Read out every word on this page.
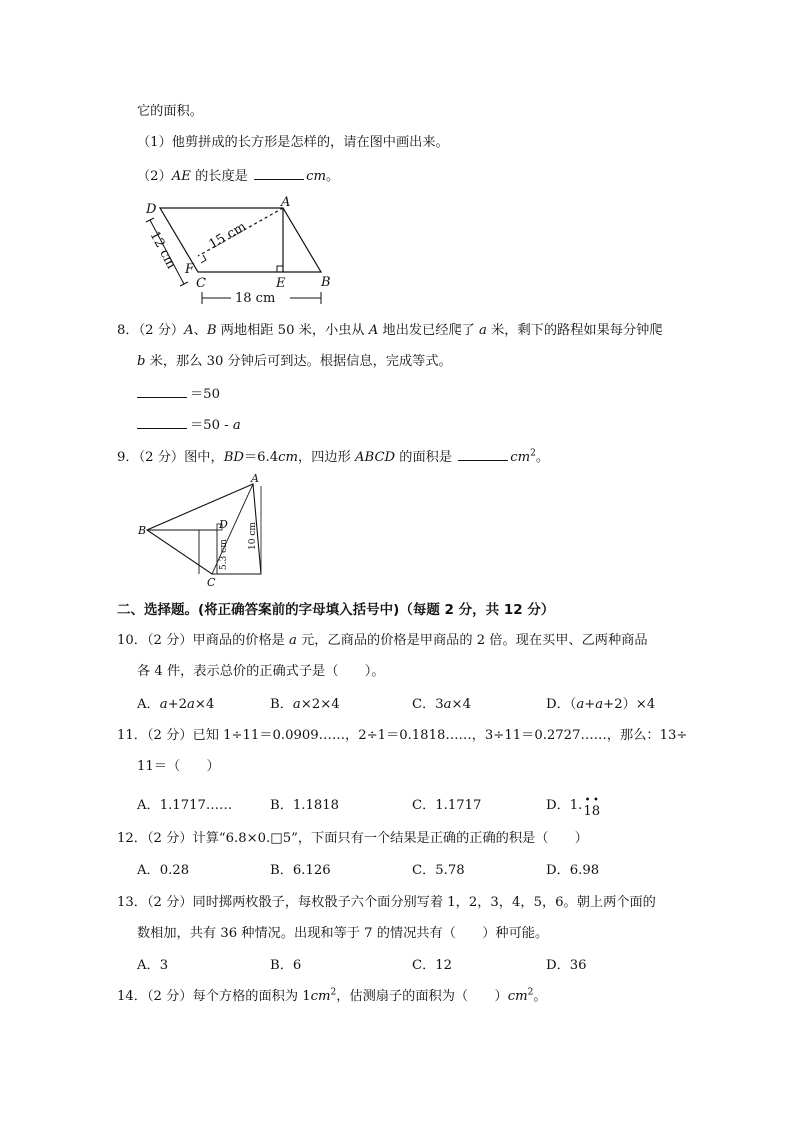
它的面积。
（1）他剪拼成的长方形是怎样的，请在图中画出来。
（2）AE 的长度是	cm。
D	A
B
C	E
F
15 cm
12 cm
18 cm
8．（2 分）A、B 两地相距 50 米，小虫从 A 地出发已经爬了 a 米，剩下的路程如果每分钟爬
b 米，那么 30 分钟后可到达。根据信息，完成等式。
＝50
＝50 - a
9．（2 分）图中，BD＝6.4cm，四边形 ABCD 的面积是	$cm^2$。
A
B
C
D 10 cm
5.3 cm
二、选择题。(将正确答案前的字母填入括号中)（每题 2 分，共 12 分）
10．（2 分）甲商品的价格是 a 元，乙商品的价格是甲商品的 2 倍。现在买甲、乙两种商品
各 4 件，表示总价的正确式子是（　　）。
A．a+2a×4	B．a×2×4	C．3a×4	D．（a+a+2）×4
11．（2 分）已知 1÷11＝0.0909……，2÷1＝0.1818……，3÷11＝0.2727……，那么：13÷
11＝（　　）
A．1.1717……	B．1.1818	C．1.1717	D．1. •
1
•
8
12．（2 分）计算“6.8×0.□5”，下面只有一个结果是正确的正确的积是（　　）
A．0.28	B．6.126	C．5.78	D．6.98
13．（2 分）同时掷两枚骰子，每枚骰子六个面分别写着 1，2，3，4，5，6。朝上两个面的
数相加，共有 36 种情况。出现和等于 7 的情况共有（　　）种可能。
A．3	B．6	C．12	D．36
14．（2 分）每个方格的面积为 $1cm^2$，估测扇子的面积为（　　）$cm^2$。
